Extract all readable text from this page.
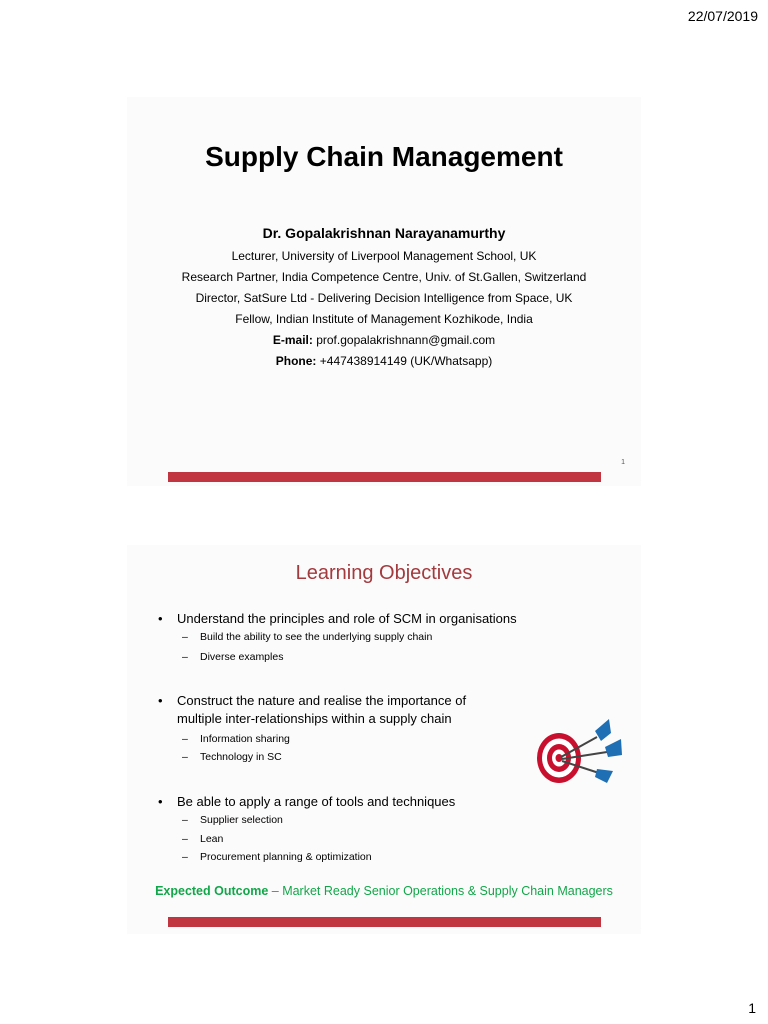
22/07/2019
Supply Chain Management
Dr. Gopalakrishnan Narayanamurthy
Lecturer, University of Liverpool Management School, UK
Research Partner, India Competence Centre, Univ. of St.Gallen, Switzerland
Director, SatSure Ltd - Delivering Decision Intelligence from Space, UK
Fellow, Indian Institute of Management Kozhikode, India
E-mail: prof.gopalakrishnann@gmail.com
Phone: +447438914149 (UK/Whatsapp)
1
Learning Objectives
•	Understand the principles and role of SCM in organisations
– Build the ability to see the underlying supply chain
– Diverse examples
•	Construct the nature and realise the importance of multiple inter-relationships within a supply chain
– Information sharing
– Technology in SC
•	Be able to apply a range of tools and techniques
– Supplier selection
– Lean
– Procurement planning & optimization
Expected Outcome – Market Ready Senior Operations & Supply Chain Managers
1
